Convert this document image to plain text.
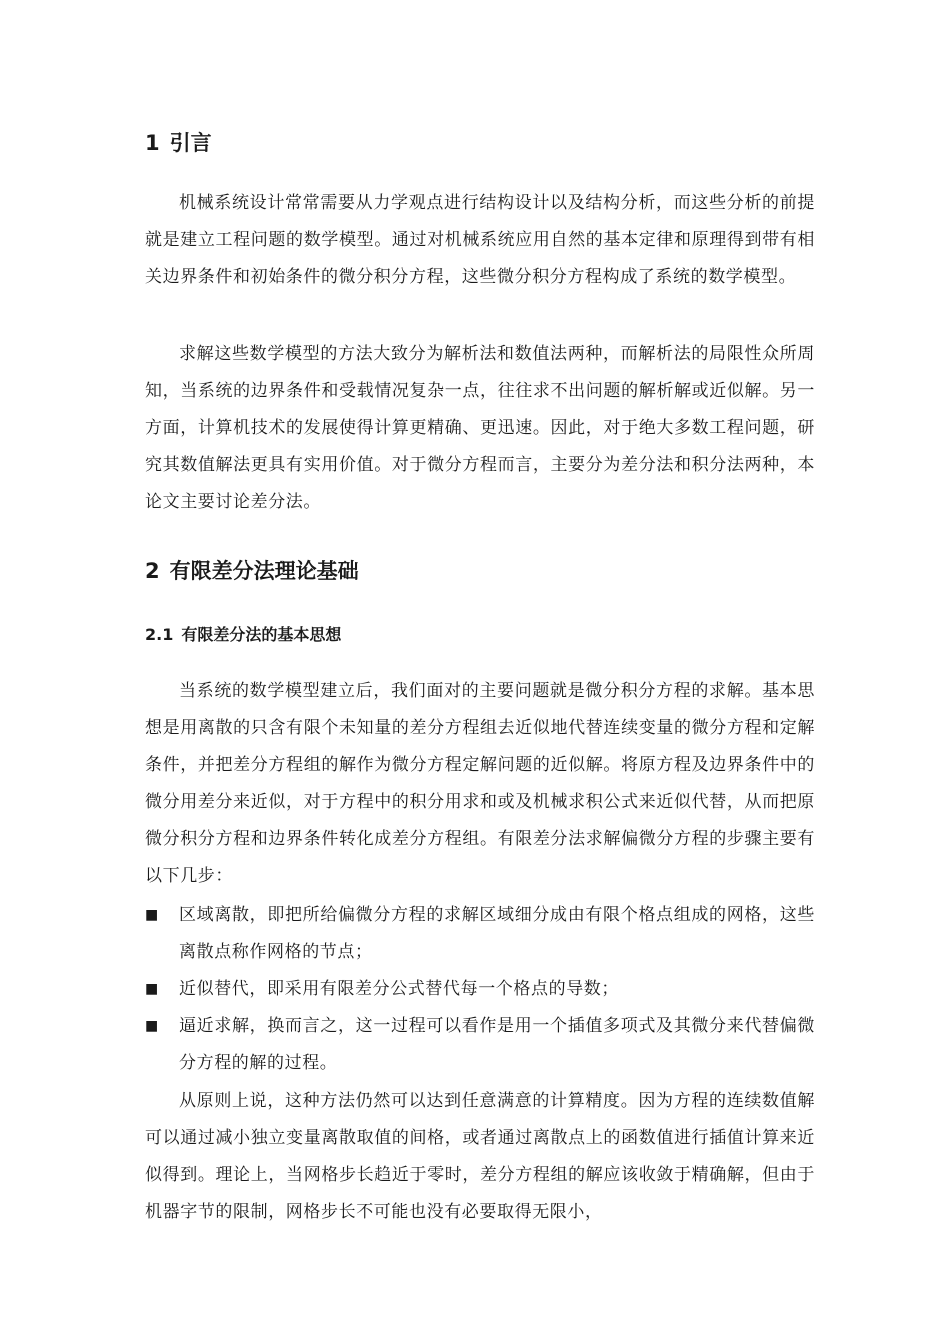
1 引言

机械系统设计常常需要从力学观点进行结构设计以及结构分析，而这些分析的前提就是建立工程问题的数学模型。通过对机械系统应用自然的基本定律和原理得到带有相关边界条件和初始条件的微分积分方程，这些微分积分方程构成了系统的数学模型。

求解这些数学模型的方法大致分为解析法和数值法两种，而解析法的局限性众所周知，当系统的边界条件和受载情况复杂一点，往往求不出问题的解析解或近似解。另一方面，计算机技术的发展使得计算更精确、更迅速。因此，对于绝大多数工程问题，研究其数值解法更具有实用价值。对于微分方程而言，主要分为差分法和积分法两种，本论文主要讨论差分法。

2 有限差分法理论基础
2.1 有限差分法的基本思想

当系统的数学模型建立后，我们面对的主要问题就是微分积分方程的求解。基本思想是用离散的只含有限个未知量的差分方程组去近似地代替连续变量的微分方程和定解条件，并把差分方程组的解作为微分方程定解问题的近似解。将原方程及边界条件中的微分用差分来近似，对于方程中的积分用求和或及机械求积公式来近似代替，从而把原微分积分方程和边界条件转化成差分方程组。有限差分法求解偏微分方程的步骤主要有以下几步：

■ 区域离散，即把所给偏微分方程的求解区域细分成由有限个格点组成的网格，这些离散点称作网格的节点；
■ 近似替代，即采用有限差分公式替代每一个格点的导数；
■ 逼近求解，换而言之，这一过程可以看作是用一个插值多项式及其微分来代替偏微分方程的解的过程。

从原则上说，这种方法仍然可以达到任意满意的计算精度。因为方程的连续数值解可以通过减小独立变量离散取值的间格，或者通过离散点上的函数值进行插值计算来近似得到。理论上，当网格步长趋近于零时，差分方程组的解应该收敛于精确解，但由于机器字节的限制，网格步长不可能也没有必要取得无限小，
